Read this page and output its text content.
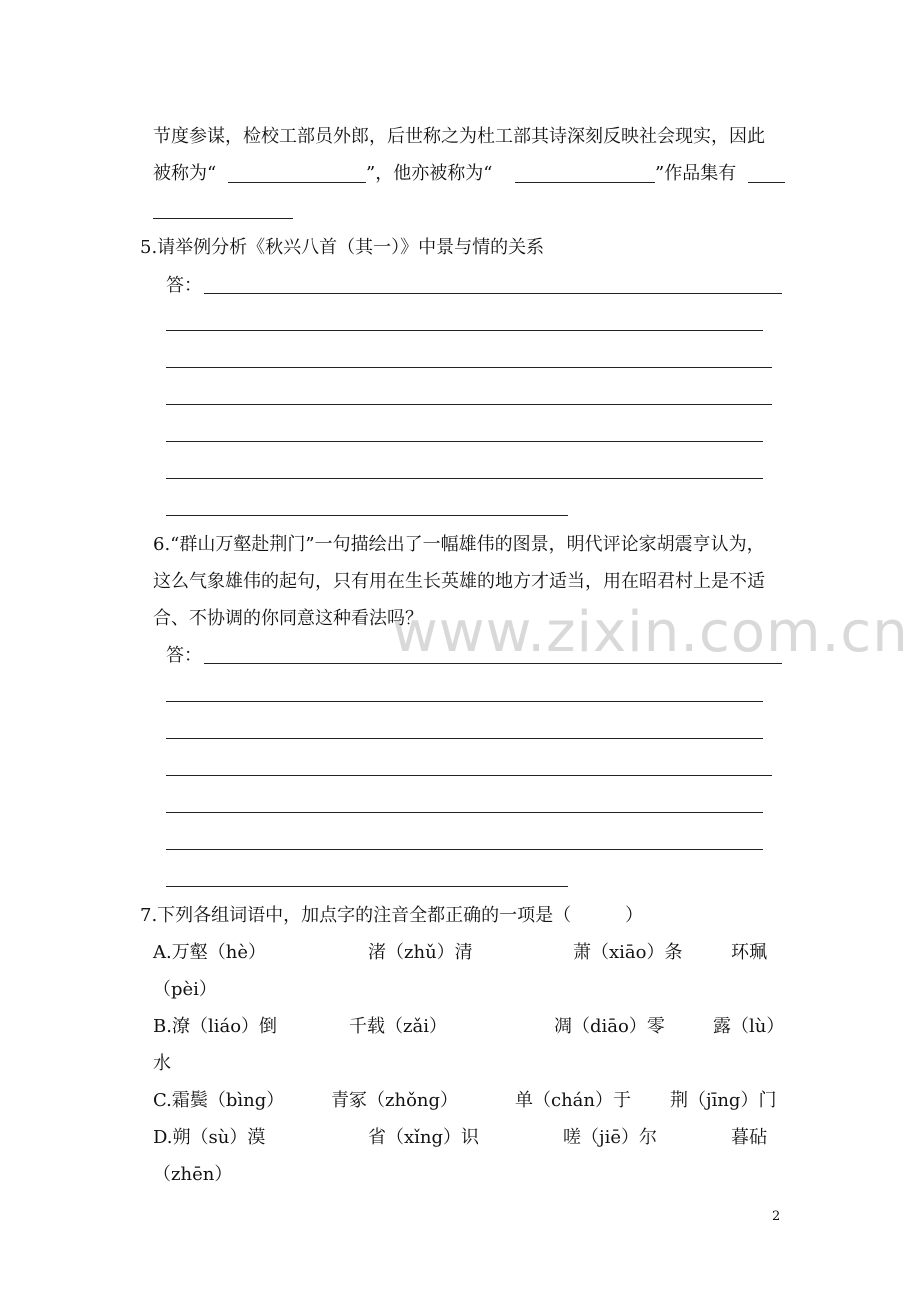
www.zixin.com.cn
节度参谋，检校工部员外郎，后世称之为杜工部其诗深刻反映社会现实，因此
被称为“	”，他亦被称为“	”作品集有
5.请举例分析《秋兴八首（其一）》中景与情的关系
答：
6.“群山万壑赴荆门”一句描绘出了一幅雄伟的图景，明代评论家胡震亨认为，
这么气象雄伟的起句，只有用在生长英雄的地方才适当，用在昭君村上是不适
合、不协调的你同意这种看法吗？
答：
7.下列各组词语中，加点字的注音全都正确的一项是（　　　）
A.万壑（hè）	渚（zhǔ）清	萧（xiāo）条	环珮
（pèi）
B.潦（liáo）倒	千载（zǎi）	凋（diāo）零	露（lù）
水
C.霜鬓（bìng）	青冢（zhǒng）	单（chán）于 荆（jīng）门
D.朔（sù）漠	省（xǐng）识	嗟（jiē）尔	暮砧
（zhēn）
2
